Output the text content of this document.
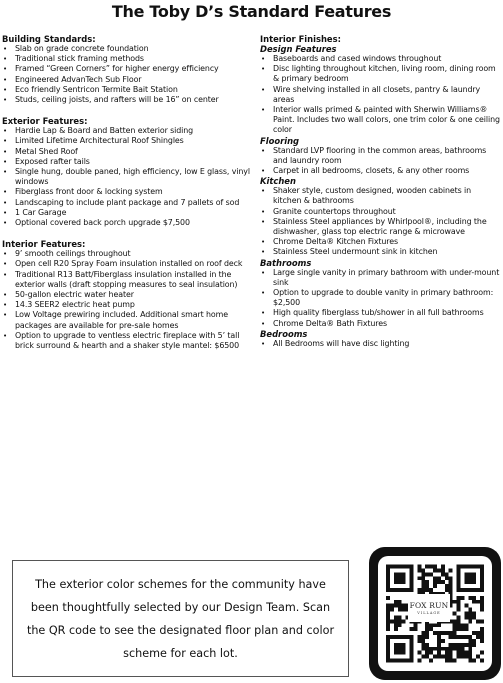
The Toby D’s Standard Features
Building Standards:
• Slab on grade concrete foundation
• Traditional stick framing methods
• Framed “Green Corners” for higher energy efficiency
• Engineered AdvanTech Sub Floor
• Eco friendly Sentricon Termite Bait Station
• Studs, ceiling joists, and rafters will be 16” on center
Exterior Features:
• Hardie Lap & Board and Batten exterior siding
• Limited Lifetime Architectural Roof Shingles
• Metal Shed Roof
• Exposed rafter tails
• Single hung, double paned, high efficiency, low E glass, vinyl windows
• Fiberglass front door & locking system
• Landscaping to include plant package and 7 pallets of sod
• 1 Car Garage
• Optional covered back porch upgrade $7,500
Interior Features:
• 9’ smooth ceilings throughout
• Open cell R20 Spray Foam insulation installed on roof deck
• Traditional R13 Batt/Fiberglass insulation installed in the exterior walls (draft stopping measures to seal insulation)
• 50-gallon electric water heater
• 14.3 SEER2 electric heat pump
• Low Voltage prewiring included. Additional smart home packages are available for pre-sale homes
• Option to upgrade to ventless electric fireplace with 5’ tall brick surround & hearth and a shaker style mantel: $6500
Interior Finishes:
Design Features
• Baseboards and cased windows throughout
• Disc lighting throughout kitchen, living room, dining room & primary bedroom
• Wire shelving installed in all closets, pantry & laundry areas
• Interior walls primed & painted with Sherwin Williams® Paint. Includes two wall colors, one trim color & one ceiling color
Flooring
• Standard LVP flooring in the common areas, bathrooms and laundry room
• Carpet in all bedrooms, closets, & any other rooms
Kitchen
• Shaker style, custom designed, wooden cabinets in kitchen & bathrooms
• Granite countertops throughout
• Stainless Steel appliances by Whirlpool®, including the dishwasher, glass top electric range & microwave
• Chrome Delta® Kitchen Fixtures
• Stainless Steel undermount sink in kitchen
Bathrooms
• Large single vanity in primary bathroom with under-mount sink
• Option to upgrade to double vanity in primary bathroom: $2,500
• High quality fiberglass tub/shower in all full bathrooms
• Chrome Delta® Bath Fixtures
Bedrooms
• All Bedrooms will have disc lighting

The exterior color schemes for the community have been thoughtfully selected by our Design Team. Scan the QR code to see the designated floor plan and color scheme for each lot.

FOX RUN
VILLAGE
